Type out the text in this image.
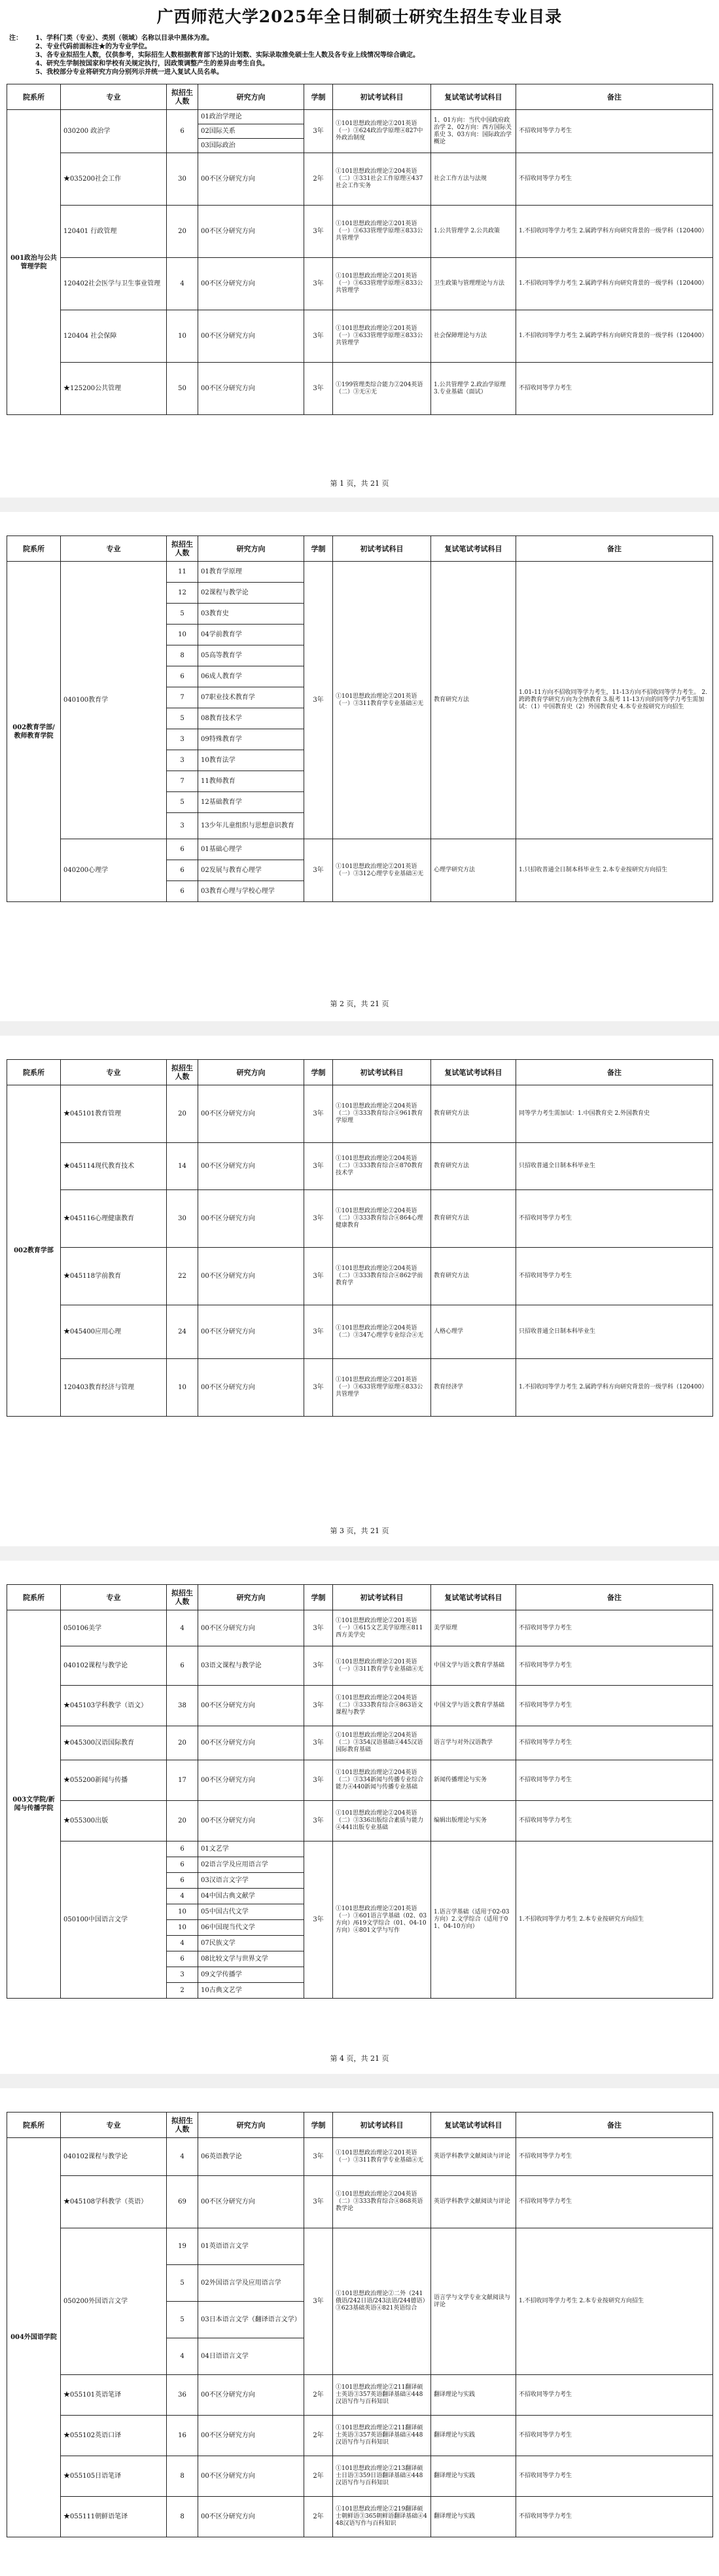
广西师范大学2025年全日制硕士研究生招生专业目录
注：	1、学科门类（专业）、类别（领域）名称以目录中黑体为准。
2、专业代码前面标注★的为专业学位。
3、各专业拟招生人数，仅供参考，实际招生人数根据教育部下达的计划数、实际录取推免硕士生人数及各专业上线情况等综合确定。
4、研究生学制按国家和学校有关规定执行，因政策调整产生的差异由考生自负。
5、我校部分专业将研究方向分别列示并统一进入复试人员名单。
院系所	专业	拟招生人数	研究方向	学制	初试考试科目	复试笔试考试科目	备注
001政治与公共管理学院	030200 政治学	6	01政治学理论	3年	①101思想政治理论②201英语（一）③624政治学原理④827中外政治制度	1、01方向：当代中国政府政治学 2、02方向：西方国际关系史 3、03方向：国际政治学概论	不招收同等学力考生
			02国际关系				
			03国际政治				
	★035200社会工作	30	00不区分研究方向	2年	①101思想政治理论②204英语（二）③331社会工作原理④437社会工作实务	社会工作方法与法规	不招收同等学力考生
	120401 行政管理	20	00不区分研究方向	3年	①101思想政治理论②201英语（一）③633管理学原理④833公共管理学	1.公共管理学 2.公共政策	1.不招收同等学力考生 2.属跨学科方向研究背景的一级学科（120400）
	120402社会医学与卫生事业管理	4	00不区分研究方向	3年	①101思想政治理论②201英语（一）③633管理学原理④833公共管理学	卫生政策与管理理论与方法	1.不招收同等学力考生 2.属跨学科方向研究背景的一级学科（120400）
	120404 社会保障	10	00不区分研究方向	3年	①101思想政治理论②201英语（一）③633管理学原理④833公共管理学	社会保障理论与方法	1.不招收同等学力考生 2.属跨学科方向研究背景的一级学科（120400）
	★125200公共管理	50	00不区分研究方向	3年	①199管理类综合能力②204英语（二）③无④无	1.公共管理学 2.政治学原理 3.专业基础（面试）	不招收同等学力考生
第 1 页，共 21 页
院系所	专业	拟招生人数	研究方向	学制	初试考试科目	复试笔试考试科目	备注
002教育学部/教师教育学院	040100教育学	11	01教育学原理	3年	①101思想政治理论②201英语（一）③311教育学专业基础④无	教育研究方法	1.01-11方向不招收同等学力考生，11-13方向不招收同等学力考生。 2.跨跨教育学研究方向为全纳教育 3.报考 11-13方向的同等学力考生需加试：（1）中国教育史（2）外国教育史 4.本专业按研究方向招生
		12	02课程与教学论				
		5	03教育史				
		10	04学前教育学				
		8	05高等教育学				
		6	06成人教育学				
		7	07职业技术教育学				
		5	08教育技术学				
		3	09特殊教育学				
		3	10教育法学				
		7	11教师教育				
		5	12基础教育学				
		3	13少年儿童组织与思想意识教育				
	040200心理学	6	01基础心理学	3年	①101思想政治理论②201英语（一）③312心理学专业基础④无	心理学研究方法	1.只招收普通全日制本科毕业生 2.本专业按研究方向招生
		6	02发展与教育心理学				
		6	03教育心理与学校心理学				
第 2 页，共 21 页
院系所	专业	拟招生人数	研究方向	学制	初试考试科目	复试笔试考试科目	备注
002教育学部	★045101教育管理	20	00不区分研究方向	3年	①101思想政治理论②204英语（二）③333教育综合④961教育学原理	教育研究方法	同等学力考生需加试：1.中国教育史 2.外国教育史
	★045114现代教育技术	14	00不区分研究方向	3年	①101思想政治理论②204英语（二）③333教育综合④870教育技术学	教育研究方法	只招收普通全日制本科毕业生
	★045116心理健康教育	30	00不区分研究方向	3年	①101思想政治理论②204英语（二）③333教育综合④864心理健康教育	教育研究方法	不招收同等学力考生
	★045118学前教育	22	00不区分研究方向	3年	①101思想政治理论②204英语（二）③333教育综合④862学前教育学	教育研究方法	不招收同等学力考生
	★045400应用心理	24	00不区分研究方向	3年	①101思想政治理论②204英语（二）③347心理学专业综合④无	人格心理学	只招收普通全日制本科毕业生
	120403教育经济与管理	10	00不区分研究方向	3年	①101思想政治理论②201英语（一）③633管理学原理④833公共管理学	教育经济学	1.不招收同等学力考生 2.属跨学科方向研究背景的一级学科（120400）
第 3 页，共 21 页
院系所	专业	拟招生人数	研究方向	学制	初试考试科目	复试笔试考试科目	备注
003文学院/新闻与传播学院	050106美学	4	00不区分研究方向	3年	①101思想政治理论②201英语（一）③615文艺美学原理④811西方美学史	美学原理	不招收同等学力考生
	040102课程与教学论	6	03语文课程与教学论	3年	①101思想政治理论②201英语（一）③311教育学专业基础④无	中国文学与语文教育学基础	不招收同等学力考生
	★045103学科教学（语文）	38	00不区分研究方向	3年	①101思想政治理论②204英语（二）③333教育综合④863语文课程与教学	中国文学与语文教育学基础	不招收同等学力考生
	★045300汉语国际教育	20	00不区分研究方向	3年	①101思想政治理论②204英语（二）③354汉语基础④445汉语国际教育基础	语言学与对外汉语教学	不招收同等学力考生
	★055200新闻与传播	17	00不区分研究方向	3年	①101思想政治理论②204英语（二）③334新闻与传播专业综合能力④440新闻与传播专业基础	新闻传播理论与实务	不招收同等学力考生
	★055300出版	20	00不区分研究方向	3年	①101思想政治理论②204英语（二）③336出版综合素质与能力④441出版专业基础	编辑出版理论与实务	不招收同等学力考生
	050100中国语言文学	6	01文艺学	3年	①101思想政治理论②201英语（一）③601语言学基础（02、03方向）/619文学综合（01、04-10方向）④801文学与写作	1.语言学基础（适用于02-03方向）2.文学综合（适用于01、04-10方向）	1.不招收同等学力考生 2.本专业按研究方向招生
		6	02语言学及应用语言学				
		6	03汉语言文字学				
		4	04中国古典文献学				
		10	05中国古代文学				
		10	06中国现当代文学				
		4	07民族文学				
		6	08比较文学与世界文学				
		3	09文学传播学				
		2	10古典文艺学				
第 4 页，共 21 页
院系所	专业	拟招生人数	研究方向	学制	初试考试科目	复试笔试考试科目	备注
004外国语学院	040102课程与教学论	4	06英语教学论	3年	①101思想政治理论②201英语（一）③311教育学专业基础④无	英语学科教学文献阅读与评论	不招收同等学力考生
	★045108学科教学（英语）	69	00不区分研究方向	3年	①101思想政治理论②204英语（二）③333教育综合④868英语教学论	英语学科教学文献阅读与评论	不招收同等学力考生
	050200外国语言文学	19	01英语语言文学	3年	①101思想政治理论②二外（241俄语/242日语/243法语/244德语）③623基础英语④821英语综合	语言学与文学专业文献阅读与评论	1.不招收同等学力考生 2.本专业按研究方向招生
		5	02外国语言学及应用语言学				
		5	03日本语言文学（翻译语言文学）				
		4	04日语语言文学				
	★055101英语笔译	36	00不区分研究方向	2年	①101思想政治理论②211翻译硕士英语③357英语翻译基础④448汉语写作与百科知识	翻译理论与实践	不招收同等学力考生
	★055102英语口译	16	00不区分研究方向	2年	①101思想政治理论②211翻译硕士英语③357英语翻译基础④448汉语写作与百科知识	翻译理论与实践	不招收同等学力考生
	★055105日语笔译	8	00不区分研究方向	2年	①101思想政治理论②213翻译硕士日语③359日语翻译基础④448汉语写作与百科知识	翻译理论与实践	不招收同等学力考生
	★055111朝鲜语笔译	8	00不区分研究方向	2年	①101思想政治理论②219翻译硕士朝鲜语③365朝鲜语翻译基础④448汉语写作与百科知识	翻译理论与实践	不招收同等学力考生
